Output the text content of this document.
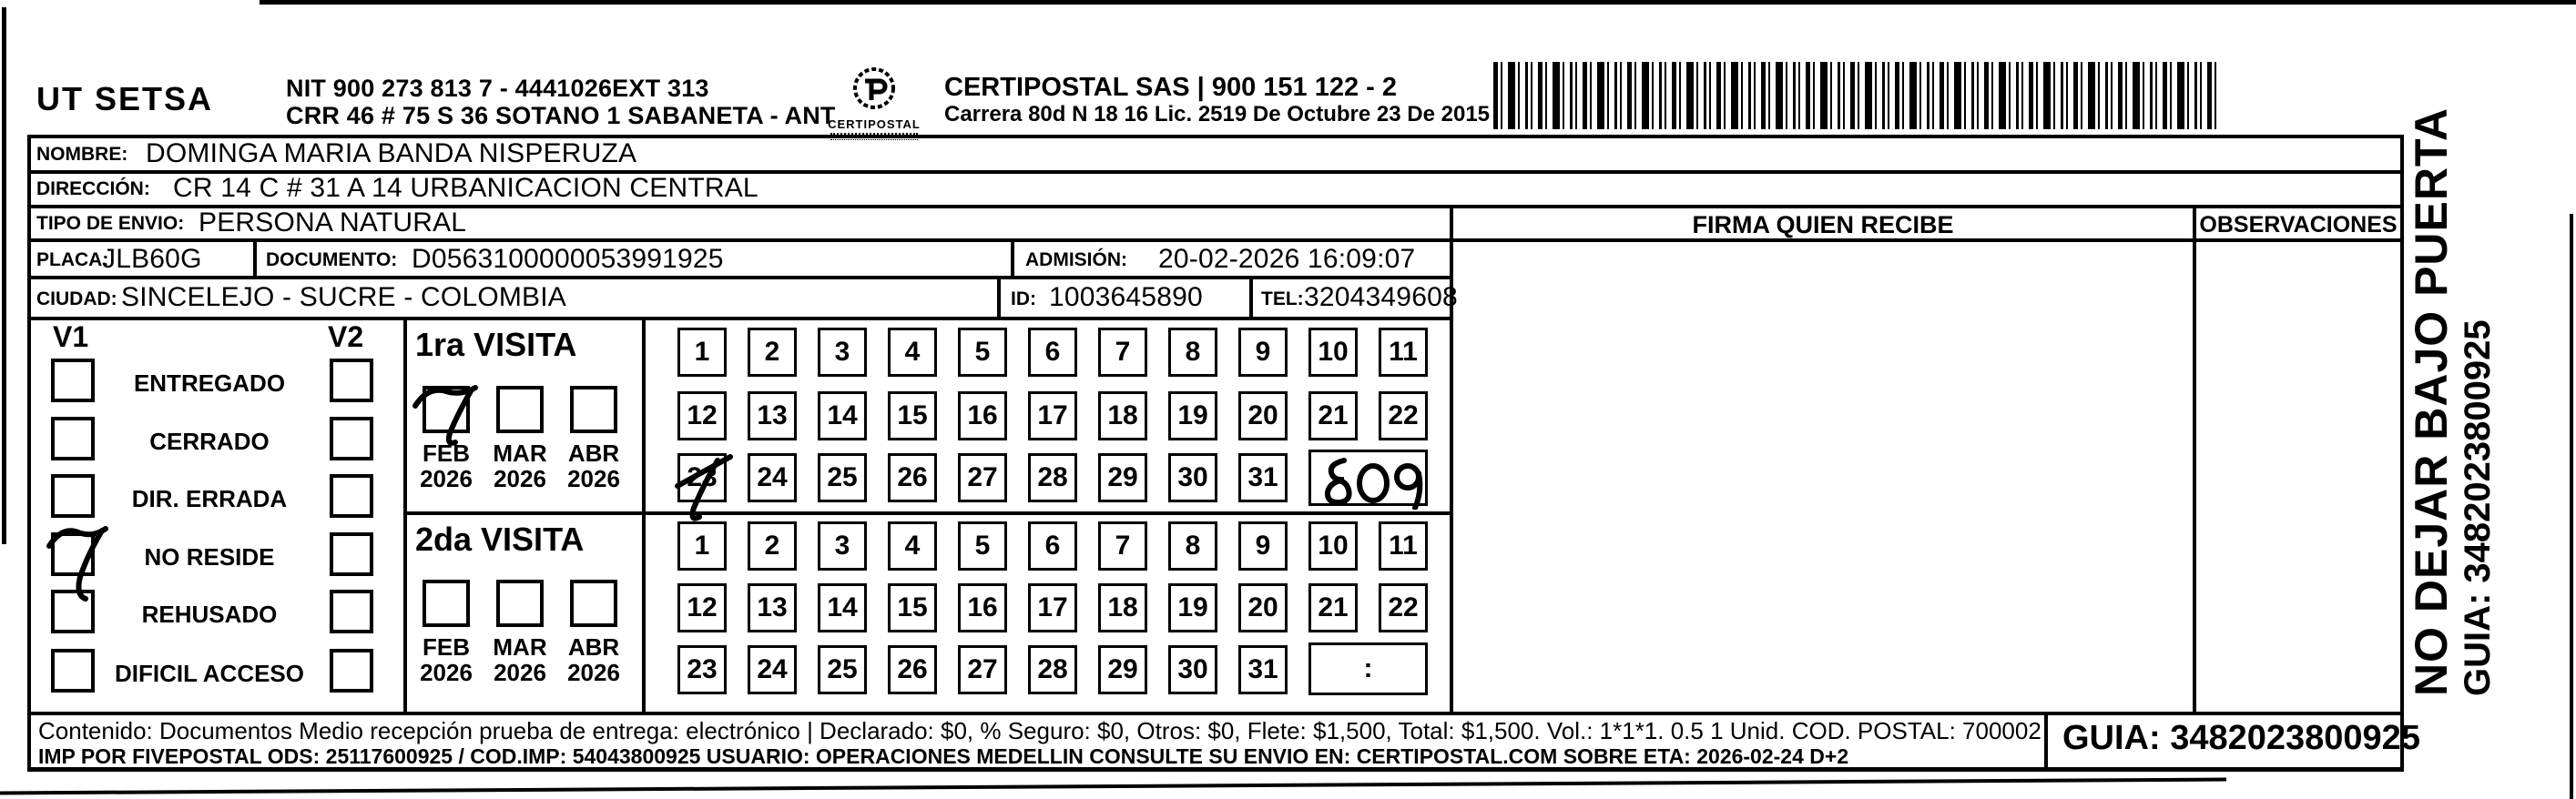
UT SETSA	NIT 900 273 813 7 - 4441026EXT 313
CRR 46 # 75 S 36 SOTANO 1 SABANETA - ANT
CERTIPOSTAL
CERTIPOSTAL SAS | 900 151 122 - 2
Carrera 80d N 18 16 Lic. 2519 De Octubre 23 De 2015
NOMBRE: DOMINGA MARIA BANDA NISPERUZA
DIRECCIÓN: CR 14 C # 31 A 14 URBANICACION CENTRAL
TIPO DE ENVIO: PERSONA NATURAL
PLACA:
JLB60G	DOCUMENTO: D0563100000053991925	ADMISIÓN: 20-02-2026 16:09:07
CIUDAD: SINCELEJO - SUCRE - COLOMBIA	ID: 1003645890	TEL: 3204349608
V1	V2
ENTREGADO
CERRADO
DIR. ERRADA
NO RESIDE
REHUSADO
DIFICIL ACCESO
1ra VISITA
2da VISITA
FEB
2026
MAR
2026
ABR
2026
FEB
2026
MAR
2026
ABR
2026
1	2	3	4	5	6	7	8	9	10	11
12	13	14	15	16	17	18	19	20	21	22
23	24	25	26	27	28	29	30	31
1	2	3	4	5	6	7	8	9	10	11
12	13	14	15	16	17	18	19	20	21	22
23	24	25	26	27	28	29	30	31	:
FIRMA QUIEN RECIBE	OBSERVACIONES
Contenido: Documentos Medio recepción prueba de entrega: electrónico | Declarado: $0, % Seguro: $0, Otros: $0, Flete: $1,500, Total: $1,500. Vol.: 1*1*1. 0.5 1 Unid. COD. POSTAL: 700002
IMP POR FIVEPOSTAL ODS: 25117600925 / COD.IMP: 54043800925 USUARIO: OPERACIONES MEDELLIN CONSULTE SU ENVIO EN: CERTIPOSTAL.COM SOBRE ETA: 2026-02-24 D+2	GUIA: 3482023800925
NO DEJAR BAJO PUERTA GUIA: 3482023800925
